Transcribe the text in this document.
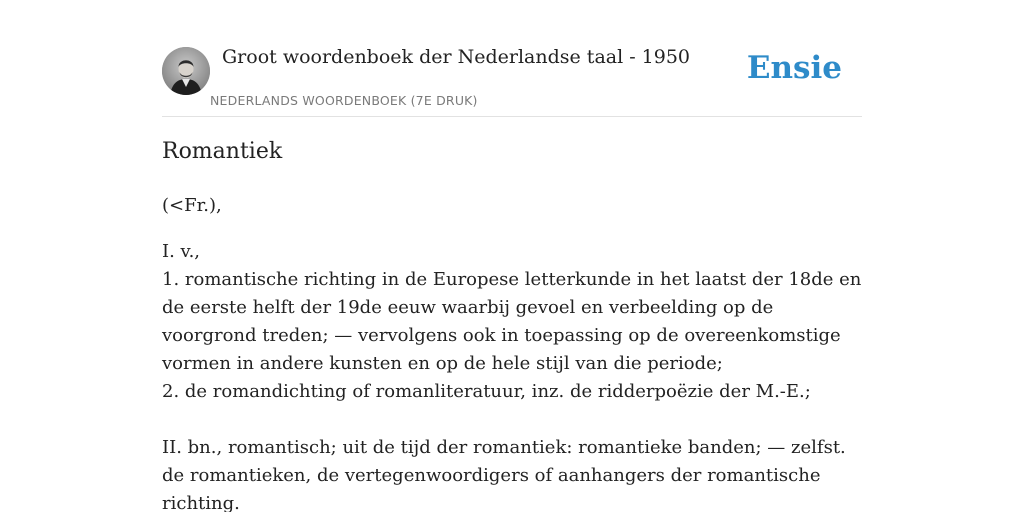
Groot woordenboek der Nederlandse taal - 1950
NEDERLANDS WOORDENBOEK (7E DRUK)
Ensie
Romantiek

(<Fr.),

I. v.,

1. romantische richting in de Europese letterkunde in het laatst der 18de en de eerste helft der 19de eeuw waarbij gevoel en verbeelding op de voorgrond treden; — vervolgens ook in toepassing op de overeenkomstige vormen in andere kunsten en op de hele stijl van die periode;

2. de romandichting of romanliteratuur, inz. de ridderpoëzie der M.-E.;

II. bn., romantisch; uit de tijd der romantiek: romantieke banden; — zelfst. de romantieken, de vertegenwoordigers of aanhangers der romantische richting.
